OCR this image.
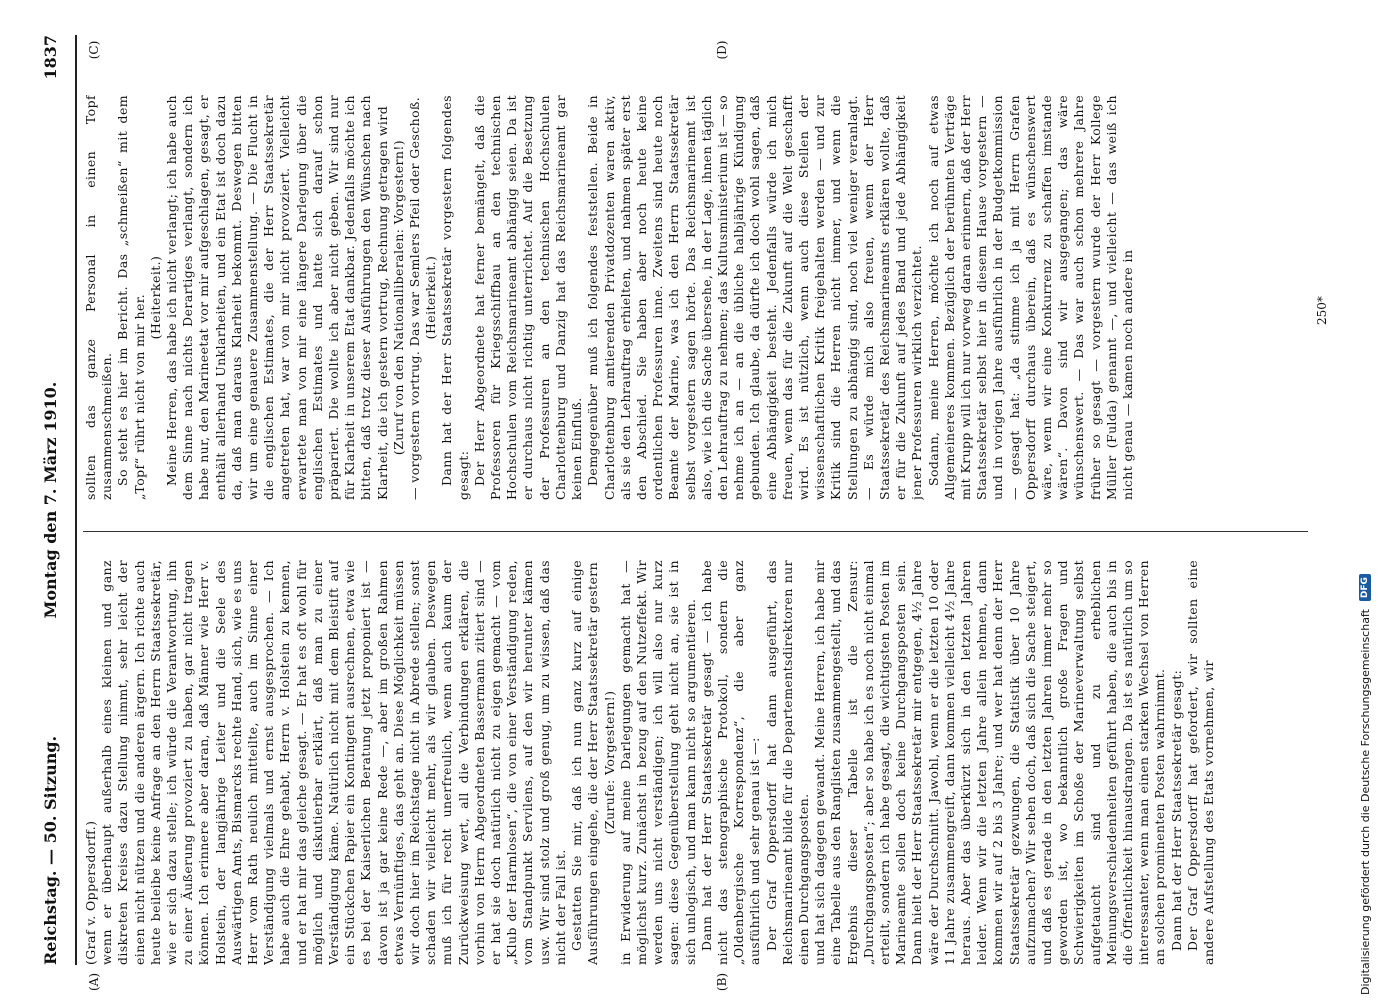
Reichstag. — 50. Sitzung.
Montag den 7. März 1910.
1837
(A)	(B)
(C)	(D)

(Graf v. Oppersdorff.) wenn er überhaupt außerhalb eines kleinen und ganz diskreten Kreises dazu Stellung nimmt, sehr leicht der einen nicht nützen und die anderen ärgern. Ich richte auch heute beileibe keine Anfrage an den Herrn Staatssekretär, wie er sich dazu stelle; ich würde die Verantwortung, ihn zu einer Äußerung provoziert zu haben, gar nicht tragen können. Ich erinnere aber daran, daß Männer wie Herr v. Holstein, der langjährige Leiter und die Seele des Auswärtigen Amts, Bismarcks rechte Hand, sich, wie es uns Herr vom Rath neulich mitteilte, auch im Sinne einer Verständigung vielmals und ernst ausgesprochen. — Ich habe auch die Ehre gehabt, Herrn v. Holstein zu kennen, und er hat mir das gleiche gesagt. — Er hat es oft wohl für möglich und diskutierbar erklärt, daß man zu einer Verständigung käme. Natürlich nicht mit dem Bleistift auf ein Stückchen Papier ein Kontingent ausrechnen, etwa wie es bei der Kaiserlichen Beratung jetzt proponiert ist — davon ist ja gar keine Rede —, aber im großen Rahmen etwas Vernünftiges, das geht an. Diese Möglichkeit müssen wir doch hier im Reichstage nicht in Abrede stellen; sonst schaden wir vielleicht mehr, als wir glauben. Deswegen muß ich für recht unerfreulich, wenn auch kaum der Zurückweisung wert, all die Verbindungen erklären, die vorhin von Herrn Abgeordneten Bassermann zitiert sind — er hat sie doch natürlich nicht zu eigen gemacht — vom „Klub der Harmlosen“, die von einer Verständigung reden, vom Standpunkt Servilens, auf den wir herunter kämen usw. Wir sind stolz und groß genug, um zu wissen, daß das nicht der Fall ist. Gestatten Sie mir, daß ich nun ganz kurz auf einige Ausführungen eingehe, die der Herr Staatssekretär gestern (Zurufe: Vorgestern!) in Erwiderung auf meine Darlegungen gemacht hat — möglichst kurz. Zunächst in bezug auf den Nutzeffekt. Wir werden uns nicht verständigen; ich will also nur kurz sagen: diese Gegenüberstellung geht nicht an, sie ist in sich unlogisch, und man kann nicht so argumentieren. Dann hat der Herr Staatssekretär gesagt — ich habe nicht das stenographische Protokoll, sondern die „Oldenbergische Korrespondenz“, die aber ganz ausführlich und sehr genau ist —: Der Graf Oppersdorff hat dann ausgeführt, das Reichsmarineamt bilde für die Departementsdirektoren nur einen Durchgangsposten. und hat sich dagegen gewandt. Meine Herren, ich habe mir eine Tabelle aus den Ranglisten zusammengestellt, und das Ergebnis dieser Tabelle ist die Zensur: „Durchgangsposten“; aber so habe ich es noch nicht einmal erteilt, sondern ich habe gesagt, die wichtigsten Posten im Marineamte sollen doch keine Durchgangsposten sein. Dann hielt der Herr Staatssekretär mir entgegen, 4½ Jahre wäre der Durchschnitt. Jawohl, wenn er die letzten 10 oder 11 Jahre zusammengreift, dann kommen vielleicht 4½ Jahre heraus. Aber das überkürzt sich in den letzten Jahren leider. Wenn wir die letzten Jahre allein nehmen, dann kommen wir auf 2 bis 3 Jahre; und wer hat denn der Herr Staatssekretär gezwungen, die Statistik über 10 Jahre aufzumachen? Wir sehen doch, daß sich die Sache steigert, und daß es gerade in den letzten Jahren immer mehr so geworden ist, wo bekanntlich große Fragen und Schwierigkeiten im Schoße der Marineverwaltung selbst aufgetaucht sind und zu erheblichen Meinungsverschiedenheiten geführt haben, die auch bis in die Öffentlichkeit hinausdrangen. Da ist es natürlich um so interessanter, wenn man einen starken Wechsel von Herren an solchen prominenten Posten wahrnimmt. Dann hat der Herr Staatssekretär gesagt: Der Graf Oppersdorff hat gefordert, wir sollten eine andere Aufstellung des Etats vornehmen, wir

sollten das ganze Personal in einen Topf zusammenschmeißen. So steht es hier im Bericht. Das „schmeißen“ mit dem „Topf“ rührt nicht von mir her. (Heiterkeit.) Meine Herren, das habe ich nicht verlangt; ich habe auch dem Sinne nach nichts Derartiges verlangt, sondern ich habe nur, den Marineetat vor mir aufgeschlagen, gesagt, er enthält allerhand Unklarheiten, und ein Etat ist doch dazu da, daß man daraus Klarheit bekommt. Deswegen bitten wir um eine genauere Zusammenstellung. — Die Flucht in die englischen Estimates, die der Herr Staatssekretär angetreten hat, war von mir nicht provoziert. Vielleicht erwartete man von mir eine längere Darlegung über die englischen Estimates und hatte sich darauf schon präpariert. Die wollte ich aber nicht geben. Wir sind nur für Klarheit in unserem Etat dankbar. Jedenfalls möchte ich bitten, daß trotz dieser Ausführungen den Wünschen nach Klarheit, die ich gestern vortrug, Rechnung getragen wird (Zuruf von den Nationalliberalen: Vorgestern!) — vorgestern vortrug. Das war Semlers Pfeil oder Geschoß. (Heiterkeit.) Dann hat der Herr Staatssekretär vorgestern folgendes gesagt: Der Herr Abgeordnete hat ferner bemängelt, daß die Professoren für Kriegsschiffbau an den technischen Hochschulen vom Reichsmarineamt abhängig seien. Da ist er durchaus nicht richtig unterrichtet. Auf die Besetzung der Professuren an den technischen Hochschulen Charlottenburg und Danzig hat das Reichsmarineamt gar keinen Einfluß. Demgegenüber muß ich folgendes feststellen. Beide in Charlottenburg amtierenden Privatdozenten waren aktiv, als sie den Lehrauftrag erhielten, und nahmen später erst den Abschied. Sie haben aber noch heute keine ordentlichen Professuren inne. Zweitens sind heute noch Beamte der Marine, was ich den Herrn Staatssekretär selbst vorgestern sagen hörte. Das Reichsmarineamt ist also, wie ich die Sache übersehe, in der Lage, ihnen täglich den Lehrauftrag zu nehmen; das Kultusministerium ist — so nehme ich an — an die übliche halbjährige Kündigung gebunden. Ich glaube, da dürfte ich doch wohl sagen, daß eine Abhängigkeit besteht. Jedenfalls würde ich mich freuen, wenn das für die Zukunft auf die Welt geschafft wird. Es ist nützlich, wenn auch diese Stellen der wissenschaftlichen Kritik freigehalten werden — und zur Kritik sind die Herren nicht immer, und wenn die Stellungen zu abhängig sind, noch viel weniger veranlagt. — Es würde mich also freuen, wenn der Herr Staatssekretär des Reichsmarineamts erklären wollte, daß er für die Zukunft auf jedes Band und jede Abhängigkeit jener Professuren wirklich verzichtet. Sodann, meine Herren, möchte ich noch auf etwas Allgemeineres kommen. Bezüglich der berühmten Verträge mit Krupp will ich nur vorweg daran erinnern, daß der Herr Staatssekretär selbst hier in diesem Hause vorgestern — und in vorigen Jahre ausführlich in der Budgetkommission — gesagt hat: „da stimme ich ja mit Herrn Grafen Oppersdorff durchaus überein, daß es wünschenswert wäre, wenn wir eine Konkurrenz zu schaffen imstande wären“. Davon sind wir ausgegangen; das wäre wünschenswert. — Das war auch schon mehrere Jahre früher so gesagt — vorgestern wurde der Herr Kollege Müller (Fulda) genannt —, und vielleicht — das weiß ich nicht genau — kamen noch andere in	250*
Digitalisierung gefördert durch die Deutsche Forschungsgemeinschaft
DFG
